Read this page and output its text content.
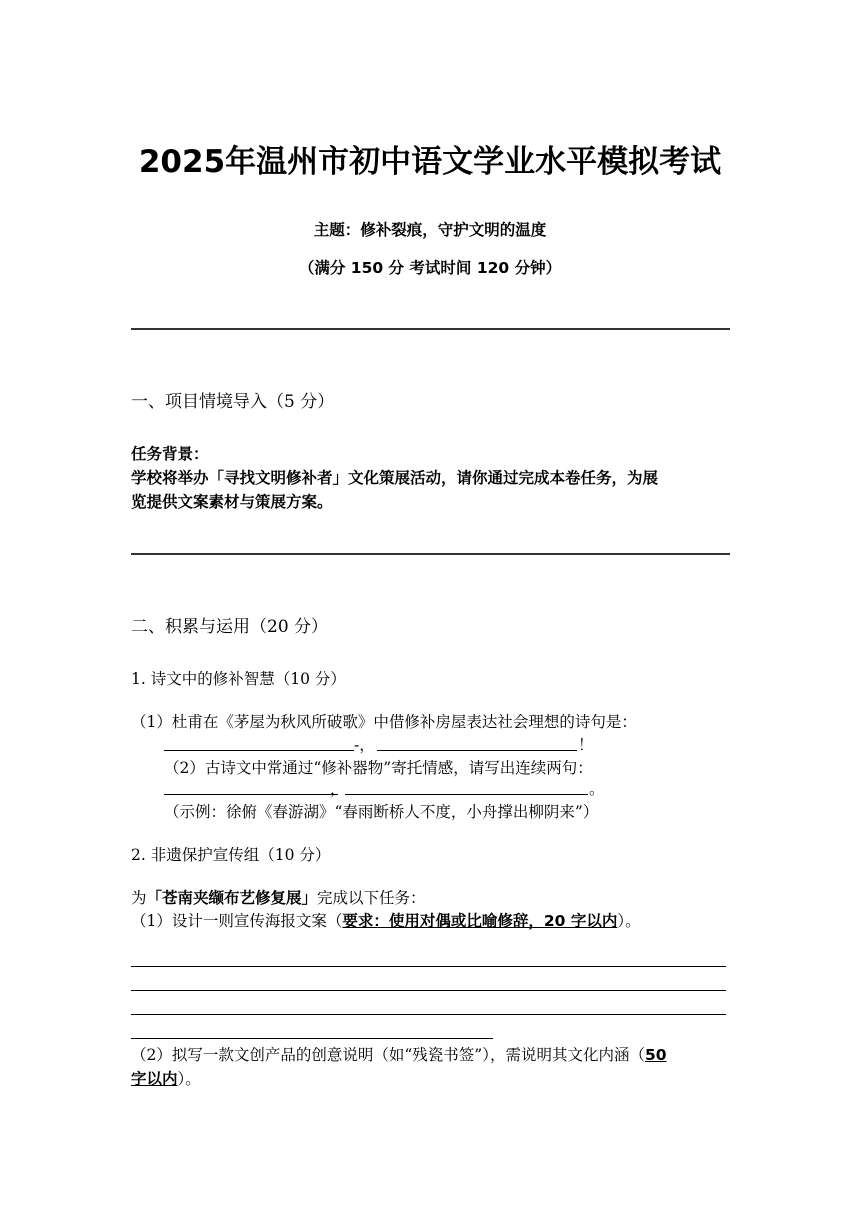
2025年温州市初中语文学业水平模拟考试
主题：修补裂痕，守护文明的温度
（满分 150 分 考试时间 120 分钟）
一、项目情境导入（5 分）
任务背景：
学校将举办「寻找文明修补者」文化策展活动，请你通过完成本卷任务，为展
览提供文案素材与策展方案。
二、积累与运用（20 分）
1. 诗文中的修补智慧（10 分）
（1）杜甫在《茅屋为秋风所破歌》中借修补房屋表达社会理想的诗句是：
-，	！
（2）古诗文中常通过“修补器物”寄托情感，请写出连续两句：
，	。
（示例：徐俯《春游湖》“春雨断桥人不度，小舟撑出柳阴来”）
2. 非遗保护宣传组（10 分）
为「苍南夹缬布艺修复展」完成以下任务：
（1）设计一则宣传海报文案（要求：使用对偶或比喻修辞，20 字以内）。
（2）拟写一款文创产品的创意说明（如“残瓷书签”），需说明其文化内涵（50
字以内）。
